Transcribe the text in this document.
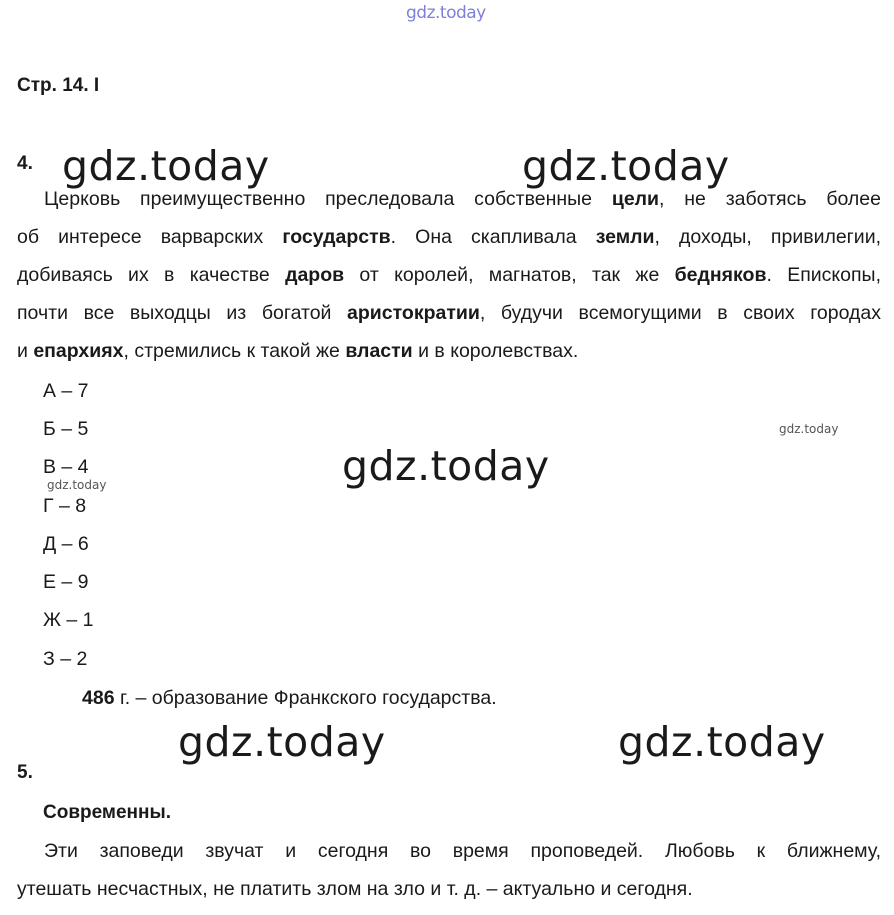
gdz.today
Стр. 14. I
4. gdz.today	gdz.today

Церковь преимущественно преследовала собственные цели, не заботясь более

об интересе варварских государств. Она скапливала земли, доходы, привилегии,

добиваясь их в качестве даров от королей, магнатов, так же бедняков. Епископы,

почти все выходцы из богатой аристократии, будучи всемогущими в своих городах

и епархиях, стремились к такой же власти и в королевствах.

А – 7
Б – 5
В – 4
Г – 8
Д – 6
Е – 9
Ж – 1
З – 2
gdz.today
gdz.today	gdz.today
486 г. – образование Франкского государства.
gdz.today	gdz.today
5.
Современны.

Эти заповеди звучат и сегодня во время проповедей. Любовь к ближнему,

утешать несчастных, не платить злом на зло и т. д. – актуально и сегодня.
